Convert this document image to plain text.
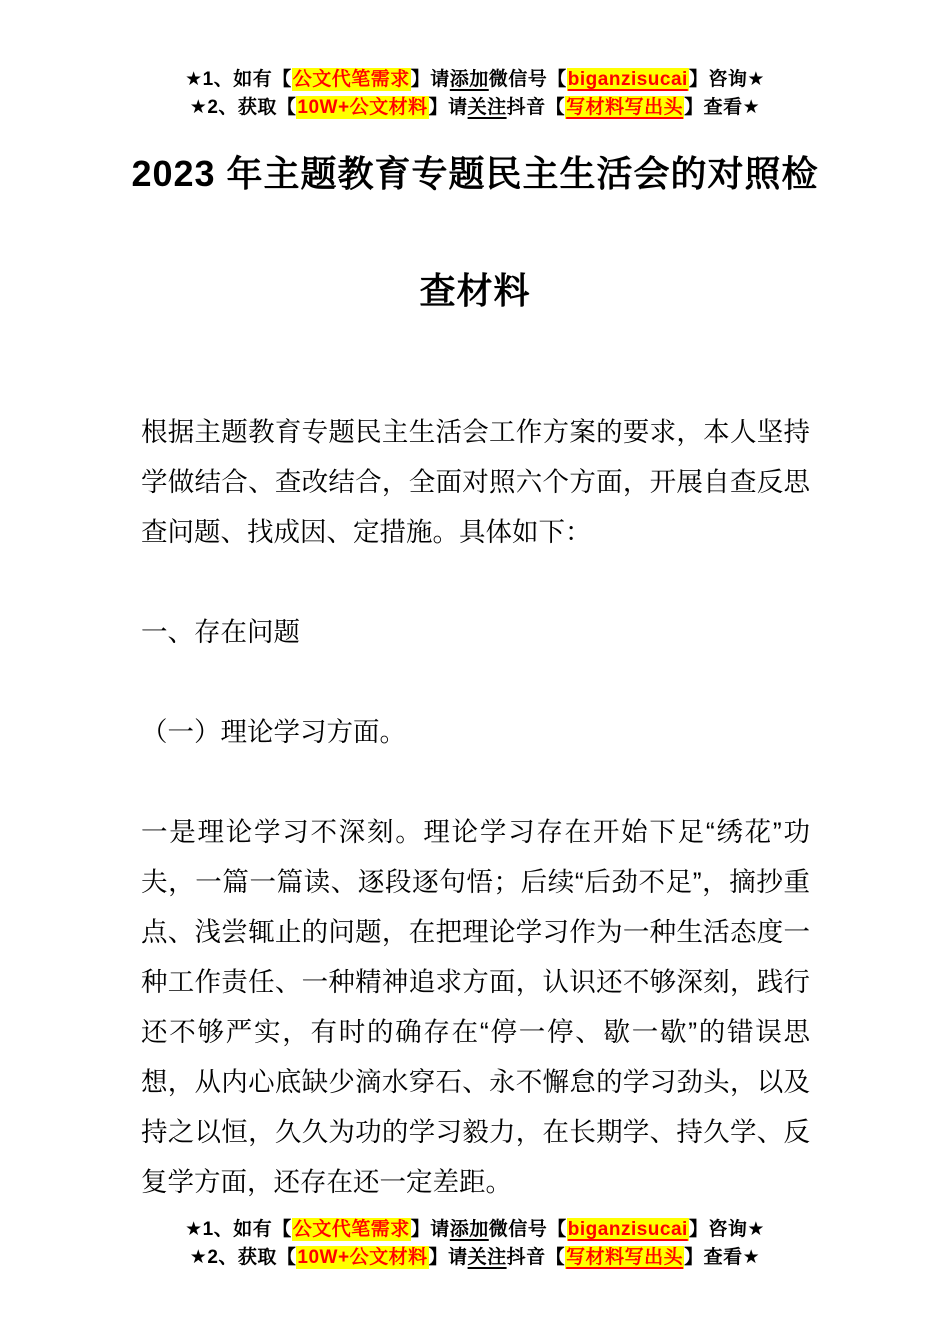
★1、如有【公文代笔需求】请添加微信号【biganzisucai】咨询★
★2、获取【10W+公文材料】请关注抖音【写材料写出头】查看★
2023 年主题教育专题民主生活会的对照检
查材料

根据主题教育专题民主生活会工作方案的要求，本人坚持学做结合、查改结合，全面对照六个方面，开展自查反思查问题、找成因、定措施。具体如下：

一、存在问题

（一）理论学习方面。

一是理论学习不深刻。理论学习存在开始下足“绣花”功夫，一篇一篇读、逐段逐句悟；后续“后劲不足”，摘抄重点、浅尝辄止的问题，在把理论学习作为一种生活态度一种工作责任、一种精神追求方面，认识还不够深刻，践行还不够严实，有时的确存在“停一停、歇一歇”的错误思想，从内心底缺少滴水穿石、永不懈怠的学习劲头，以及持之以恒，久久为功的学习毅力，在长期学、持久学、反复学方面，还存在还一定差距。

★1、如有【公文代笔需求】请添加微信号【biganzisucai】咨询★
★2、获取【10W+公文材料】请关注抖音【写材料写出头】查看★
